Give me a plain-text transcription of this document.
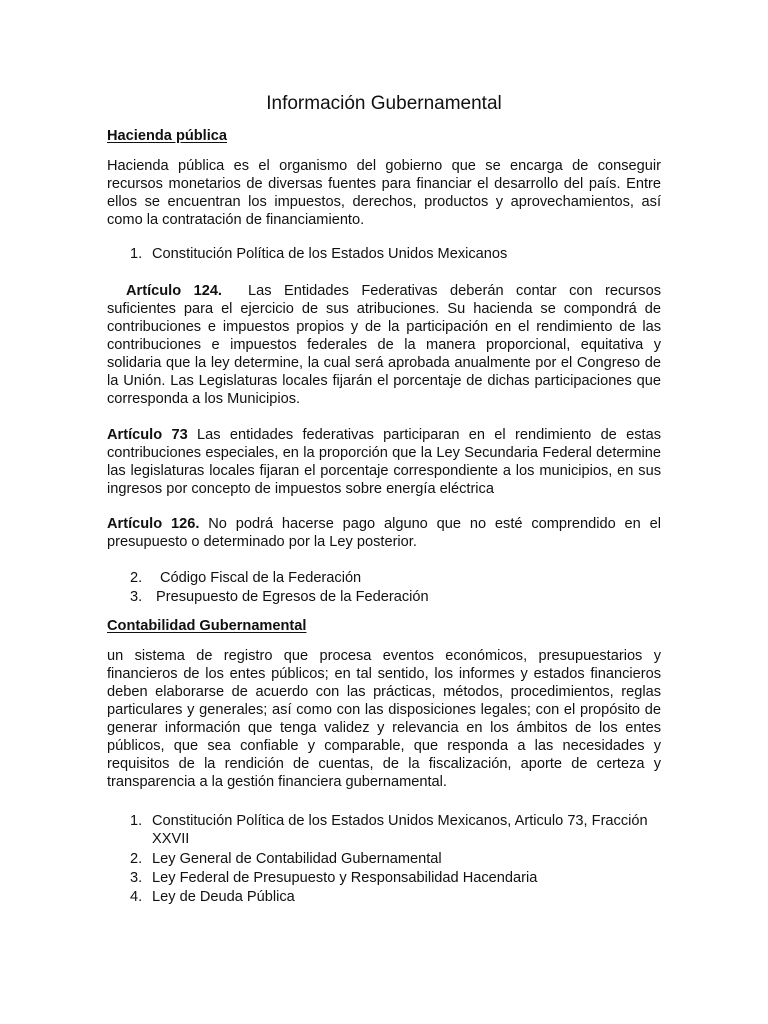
Información Gubernamental
Hacienda pública
Hacienda pública es el organismo del gobierno que se encarga de conseguir recursos monetarios de diversas fuentes para financiar el desarrollo del país. Entre ellos se encuentran los impuestos, derechos, productos y aprovechamientos, así como la contratación de financiamiento.
1. Constitución Política de los Estados Unidos Mexicanos
Artículo 124. Las Entidades Federativas deberán contar con recursos suficientes para el ejercicio de sus atribuciones. Su hacienda se compondrá de contribuciones e impuestos propios y de la participación en el rendimiento de las contribuciones e impuestos federales de la manera proporcional, equitativa y solidaria que la ley determine, la cual será aprobada anualmente por el Congreso de la Unión. Las Legislaturas locales fijarán el porcentaje de dichas participaciones que corresponda a los Municipios.
Artículo 73 Las entidades federativas participaran en el rendimiento de estas contribuciones especiales, en la proporción que la Ley Secundaria Federal determine las legislaturas locales fijaran el porcentaje correspondiente a los municipios, en sus ingresos por concepto de impuestos sobre energía eléctrica
Artículo 126. No podrá hacerse pago alguno que no esté comprendido en el presupuesto o determinado por la Ley posterior.
2. Código Fiscal de la Federación
3. Presupuesto de Egresos de la Federación
Contabilidad Gubernamental
un sistema de registro que procesa eventos económicos, presupuestarios y financieros de los entes públicos; en tal sentido, los informes y estados financieros deben elaborarse de acuerdo con las prácticas, métodos, procedimientos, reglas particulares y generales; así como con las disposiciones legales; con el propósito de generar información que tenga validez y relevancia en los ámbitos de los entes públicos, que sea confiable y comparable, que responda a las necesidades y requisitos de la rendición de cuentas, de la fiscalización, aporte de certeza y transparencia a la gestión financiera gubernamental.
1. Constitución Política de los Estados Unidos Mexicanos, Articulo 73, Fracción
XXVII
2. Ley General de Contabilidad Gubernamental
3. Ley Federal de Presupuesto y Responsabilidad Hacendaria
4. Ley de Deuda Pública
